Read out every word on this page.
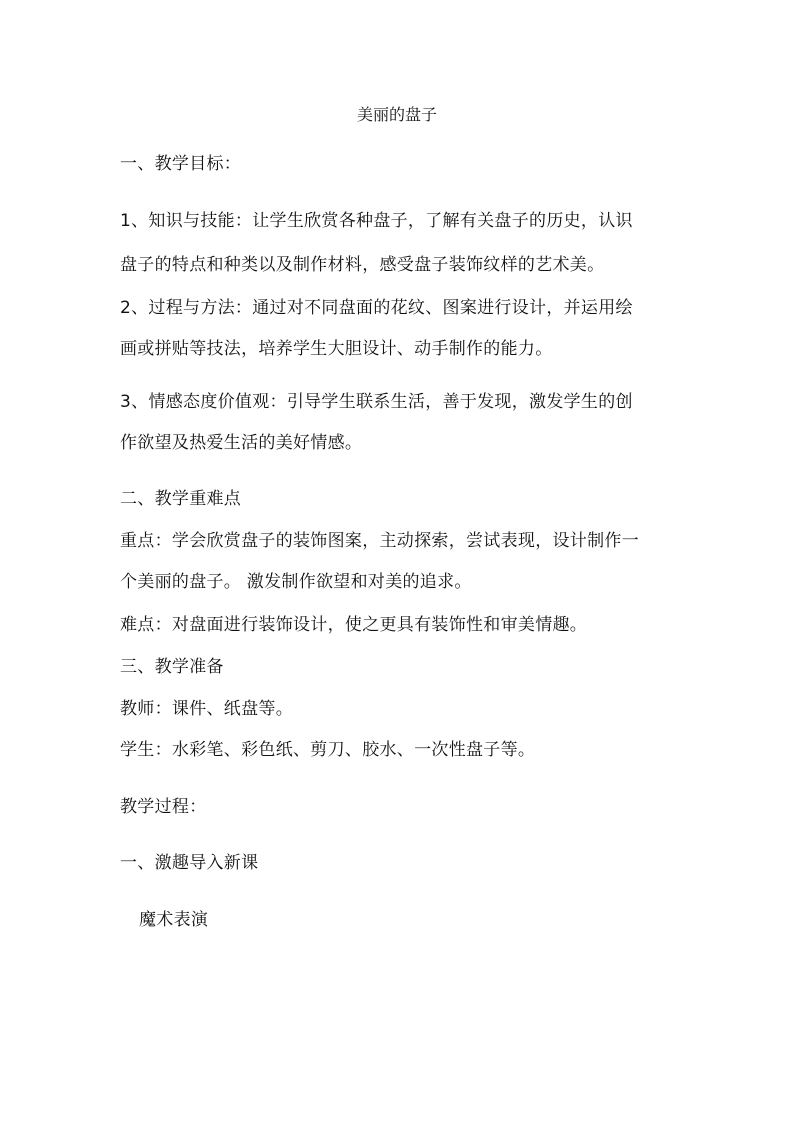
美丽的盘子
一、教学目标：
1、知识与技能：让学生欣赏各种盘子，了解有关盘子的历史，认识
盘子的特点和种类以及制作材料，感受盘子装饰纹样的艺术美。
2、过程与方法：通过对不同盘面的花纹、图案进行设计，并运用绘
画或拼贴等技法，培养学生大胆设计、动手制作的能力。
3、情感态度价值观：引导学生联系生活，善于发现，激发学生的创
作欲望及热爱生活的美好情感。
二、教学重难点
重点：学会欣赏盘子的装饰图案，主动探索，尝试表现，设计制作一
个美丽的盘子。 激发制作欲望和对美的追求。
难点：对盘面进行装饰设计，使之更具有装饰性和审美情趣。
三、教学准备
教师：课件、纸盘等。
学生：水彩笔、彩色纸、剪刀、胶水、一次性盘子等。
教学过程：
一、激趣导入新课
魔术表演
